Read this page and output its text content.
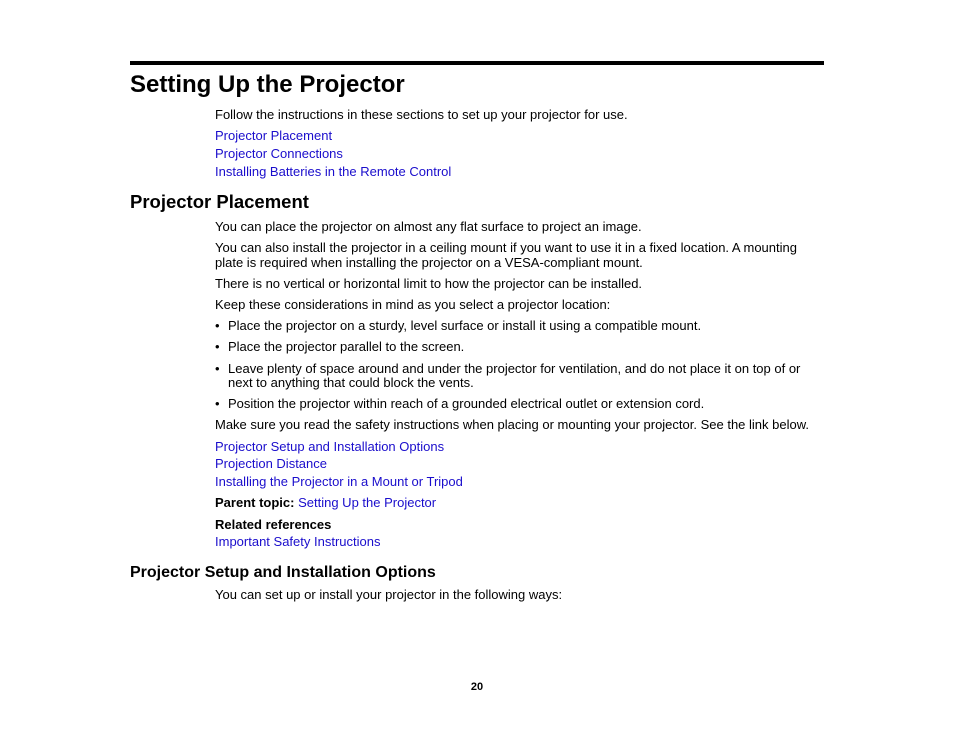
Setting Up the Projector

Follow the instructions in these sections to set up your projector for use.

Projector Placement
Projector Connections
Installing Batteries in the Remote Control
Projector Placement

You can place the projector on almost any flat surface to project an image.

You can also install the projector in a ceiling mount if you want to use it in a fixed location. A mounting

plate is required when installing the projector on a VESA-compliant mount.

There is no vertical or horizontal limit to how the projector can be installed.

Keep these considerations in mind as you select a projector location:

• Place the projector on a sturdy, level surface or install it using a compatible mount.
• Place the projector parallel to the screen.
• Leave plenty of space around and under the projector for ventilation, and do not place it on top of or
next to anything that could block the vents.
• Position the projector within reach of a grounded electrical outlet or extension cord.

Make sure you read the safety instructions when placing or mounting your projector. See the link below.

Projector Setup and Installation Options
Projection Distance
Installing the Projector in a Mount or Tripod

Parent topic: Setting Up the Projector

Related references

Important Safety Instructions
Projector Setup and Installation Options

You can set up or install your projector in the following ways:

20
